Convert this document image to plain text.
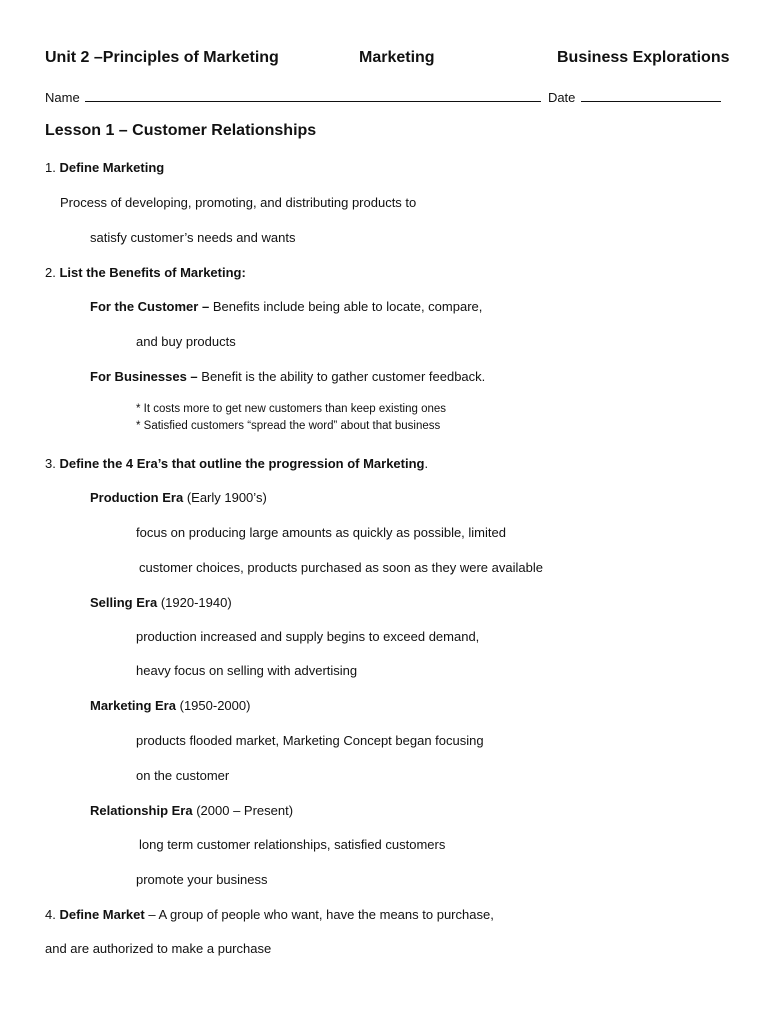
Unit 2 –Principles of Marketing	Marketing	Business Explorations
Name	Date
Lesson 1 – Customer Relationships
1. Define Marketing
Process of developing, promoting, and distributing products to
satisfy customer’s needs and wants
2. List the Benefits of Marketing:
For the Customer – Benefits include being able to locate, compare,
and buy products
For Businesses – Benefit is the ability to gather customer feedback.
* It costs more to get new customers than keep existing ones
* Satisfied customers “spread the word” about that business
3. Define the 4 Era’s that outline the progression of Marketing.
Production Era (Early 1900’s)
focus on producing large amounts as quickly as possible, limited
customer choices, products purchased as soon as they were available
Selling Era (1920-1940)
production increased and supply begins to exceed demand,
heavy focus on selling with advertising
Marketing Era (1950-2000)
products flooded market, Marketing Concept began focusing
on the customer
Relationship Era (2000 – Present)
long term customer relationships, satisfied customers
promote your business
4. Define Market – A group of people who want, have the means to purchase,
and are authorized to make a purchase
